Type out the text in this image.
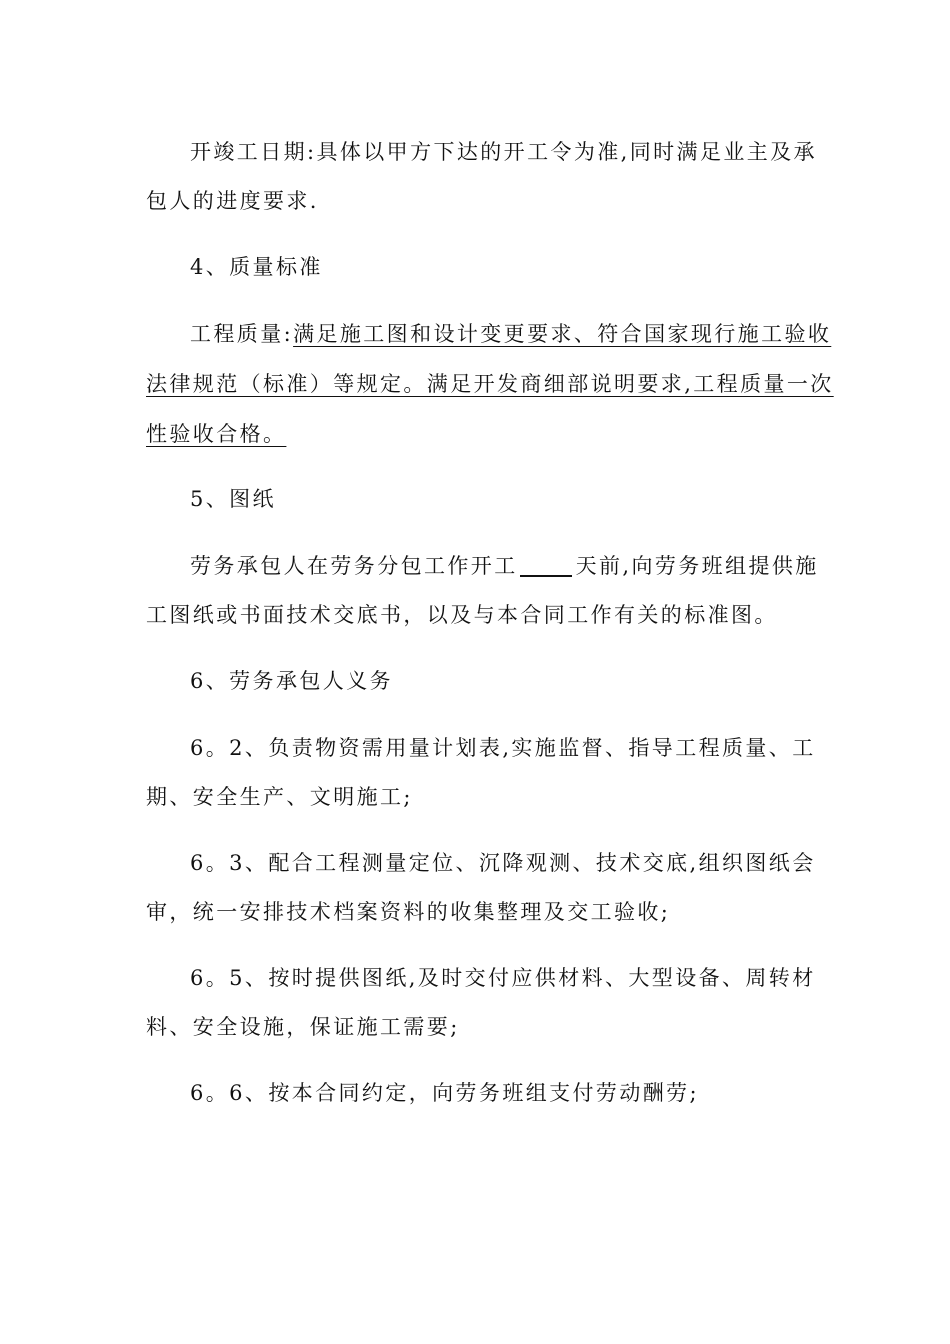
开竣工日期:具体以甲方下达的开工令为准,同时满足业主及承
包人的进度要求.
4、质量标准
工程质量:满足施工图和设计变更要求、符合国家现行施工验收
法律规范（标准）等规定。满足开发商细部说明要求,工程质量一次
性验收合格。
5、图纸
劳务承包人在劳务分包工作开工	天前,向劳务班组提供施
工图纸或书面技术交底书，以及与本合同工作有关的标准图。
6、劳务承包人义务
6。2、负责物资需用量计划表,实施监督、指导工程质量、工
期、安全生产、文明施工;
6。3、配合工程测量定位、沉降观测、技术交底,组织图纸会
审，统一安排技术档案资料的收集整理及交工验收;
6。5、按时提供图纸,及时交付应供材料、大型设备、周转材
料、安全设施，保证施工需要;
6。6、按本合同约定，向劳务班组支付劳动酬劳;
